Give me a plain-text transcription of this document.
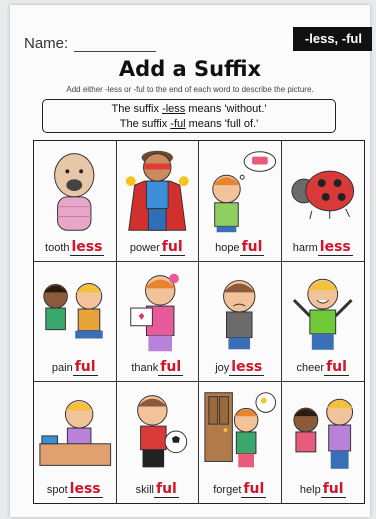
Name:	-less, -ful
Add a Suffix
Add either -less or -ful to the end of each word to describe the picture.
The suffix -less means 'without.'
The suffix -ful means 'full of.'
tooth less	power ful	hope ful	harm less
pain ful	thank ful	joy less	cheer ful
spot less	skill ful	forget ful	help ful
